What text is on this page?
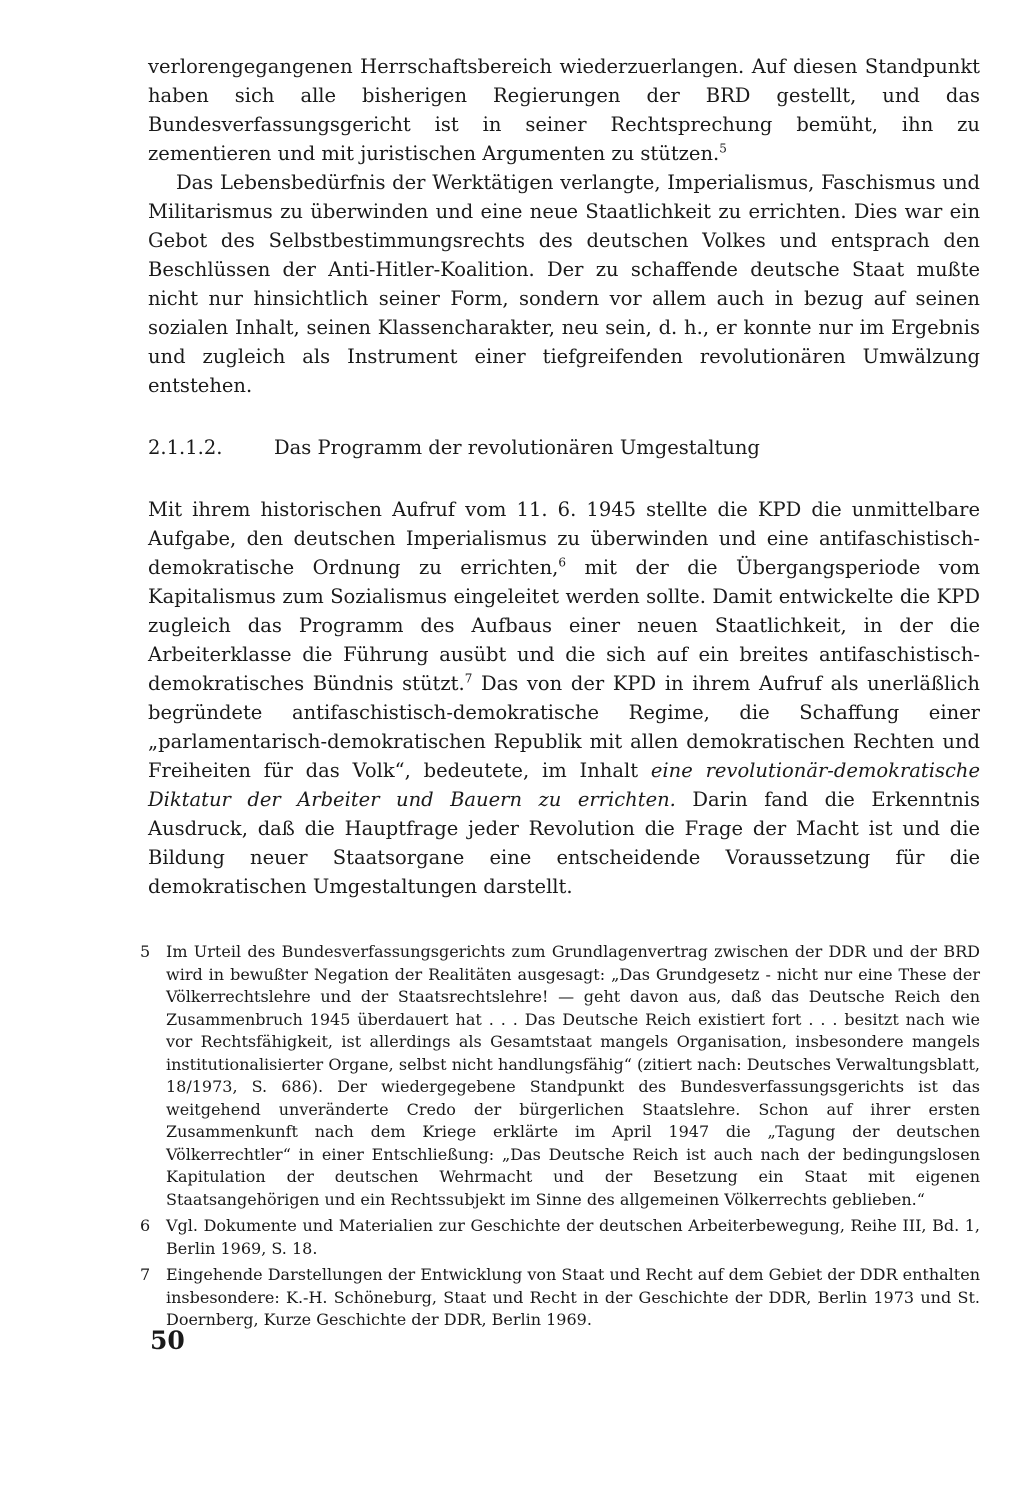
verlorengegangenen Herrschaftsbereich wiederzuerlangen. Auf diesen Standpunkt haben sich alle bisherigen Regierungen der BRD gestellt, und das Bundesverfassungsgericht ist in seiner Rechtsprechung bemüht, ihn zu zementieren und mit juristischen Argumenten zu stützen.$^5$

Das Lebensbedürfnis der Werktätigen verlangte, Imperialismus, Faschismus und Militarismus zu überwinden und eine neue Staatlichkeit zu errichten. Dies war ein Gebot des Selbstbestimmungsrechts des deutschen Volkes und entsprach den Beschlüssen der Anti-Hitler-Koalition. Der zu schaffende deutsche Staat mußte nicht nur hinsichtlich seiner Form, sondern vor allem auch in bezug auf seinen sozialen Inhalt, seinen Klassencharakter, neu sein, d. h., er konnte nur im Ergebnis und zugleich als Instrument einer tiefgreifenden revolutionären Umwälzung entstehen.

2.1.1.2.	Das Programm der revolutionären Umgestaltung

Mit ihrem historischen Aufruf vom 11. 6. 1945 stellte die KPD die unmittelbare Aufgabe, den deutschen Imperialismus zu überwinden und eine antifaschistisch-demokratische Ordnung zu errichten,$^6$ mit der die Übergangsperiode vom Kapitalismus zum Sozialismus eingeleitet werden sollte. Damit entwickelte die KPD zugleich das Programm des Aufbaus einer neuen Staatlichkeit, in der die Arbeiterklasse die Führung ausübt und die sich auf ein breites antifaschistisch-demokratisches Bündnis stützt.$^7$ Das von der KPD in ihrem Aufruf als unerläßlich begründete antifaschistisch-demokratische Regime, die Schaffung einer „parlamentarisch-demokratischen Republik mit allen demokratischen Rechten und Freiheiten für das Volk“, bedeutete, im Inhalt eine revolutionär-demokratische Diktatur der Arbeiter und Bauern zu errichten. Darin fand die Erkenntnis Ausdruck, daß die Hauptfrage jeder Revolution die Frage der Macht ist und die Bildung neuer Staatsorgane eine entscheidende Voraussetzung für die demokratischen Umgestaltungen darstellt.

5 Im Urteil des Bundesverfassungsgerichts zum Grundlagenvertrag zwischen der DDR und der BRD wird in bewußter Negation der Realitäten ausgesagt: „Das Grundgesetz - nicht nur eine These der Völkerrechtslehre und der Staatsrechtslehre! — geht davon aus, daß das Deutsche Reich den Zusammenbruch 1945 überdauert hat . . . Das Deutsche Reich existiert fort . . . besitzt nach wie vor Rechtsfähigkeit, ist allerdings als Gesamtstaat mangels Organisation, insbesondere mangels institutionalisierter Organe, selbst nicht handlungsfähig“ (zitiert nach: Deutsches Verwaltungsblatt, 18/1973, S. 686). Der wiedergegebene Standpunkt des Bundesverfassungsgerichts ist das weitgehend unveränderte Credo der bürgerlichen Staatslehre. Schon auf ihrer ersten Zusammenkunft nach dem Kriege erklärte im April 1947 die „Tagung der deutschen Völkerrechtler“ in einer Entschließung: „Das Deutsche Reich ist auch nach der bedingungslosen Kapitulation der deutschen Wehrmacht und der Besetzung ein Staat mit eigenen Staatsangehörigen und ein Rechtssubjekt im Sinne des allgemeinen Völkerrechts geblieben.“
6 Vgl. Dokumente und Materialien zur Geschichte der deutschen Arbeiterbewegung, Reihe III, Bd. 1, Berlin 1969, S. 18.
7 Eingehende Darstellungen der Entwicklung von Staat und Recht auf dem Gebiet der DDR enthalten insbesondere: K.-H. Schöneburg, Staat und Recht in der Geschichte der DDR, Berlin 1973 und St. Doernberg, Kurze Geschichte der DDR, Berlin 1969.
50
